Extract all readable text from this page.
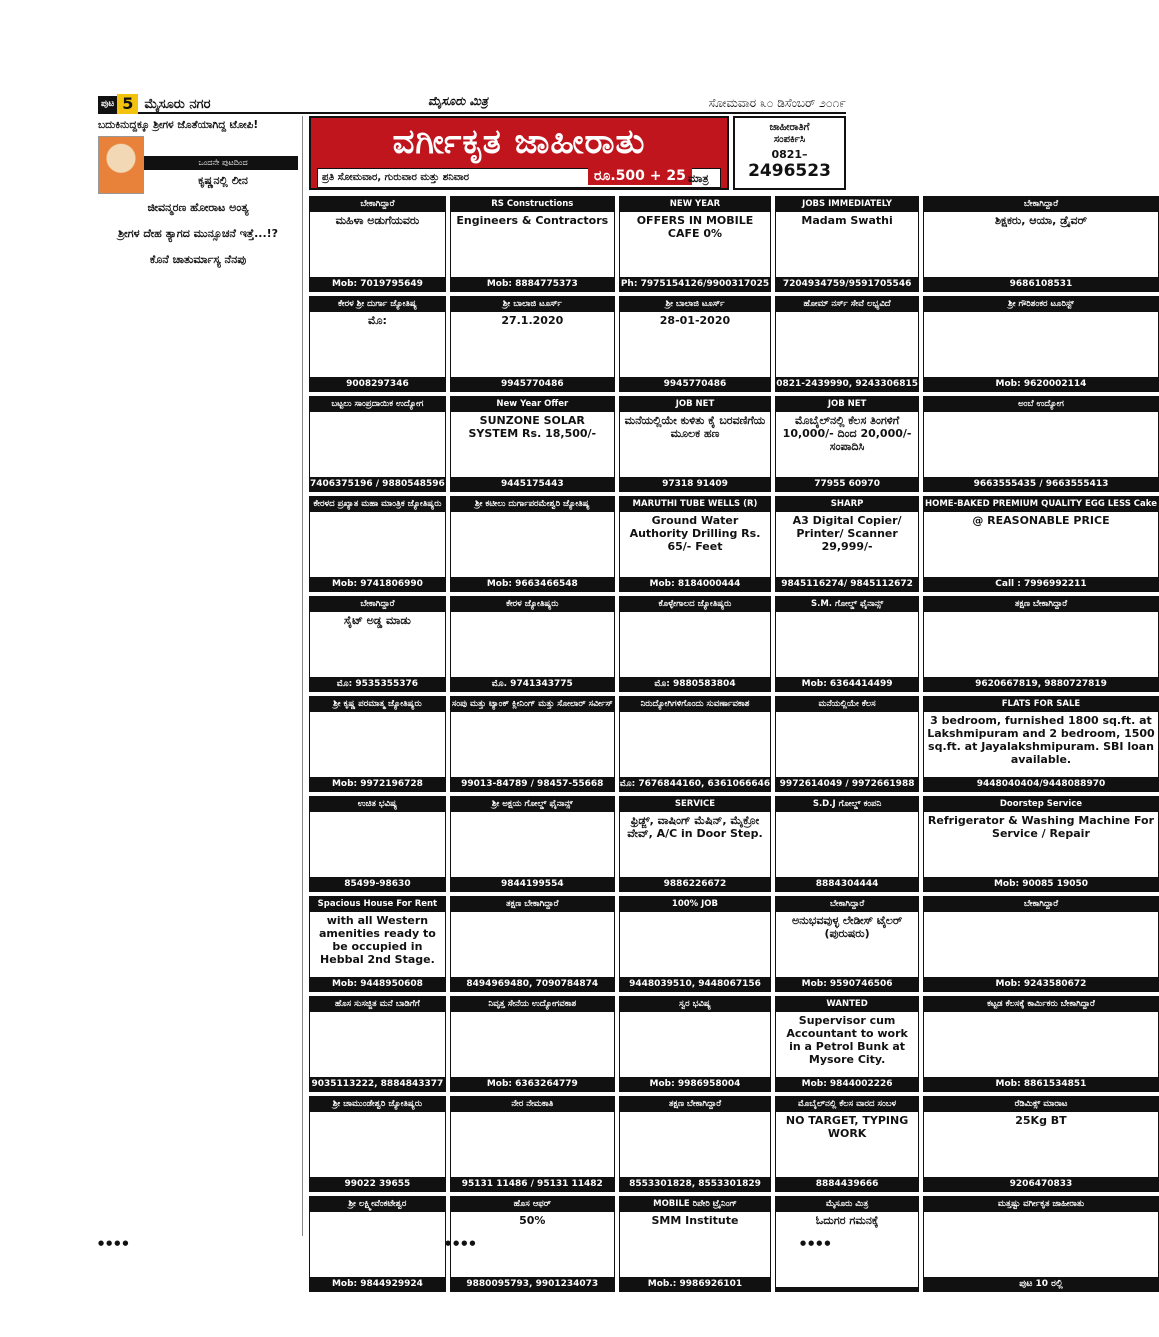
ಪುಟ 5 ಮೈಸೂರು ನಗರ	ಮೈಸೂರು ಮಿತ್ರ	ಸೋಮವಾರ ೩೦ ಡಿಸೆಂಬರ್ ೨೦೧೯
ಬದುಕಿನುದ್ದಕ್ಕೂ ಶ್ರೀಗಳ ಜೊತೆಯಾಗಿದ್ದ ಟೋಪಿ!

ಒಂದನೇ ಪುಟದಿಂದ
ಕೃಷ್ಣನಲ್ಲಿ ಲೀನ

ಜೀವನ್ಮರಣ ಹೋರಾಟ ಅಂತ್ಯ

ಶ್ರೀಗಳ ದೇಹ ತ್ಯಾಗದ ಮುನ್ಸೂಚನೆ ಇತ್ತೆ...!?

ಕೊನೆ ಚಾತುರ್ಮಾಸ್ಯ ನೆನಪು

ವರ್ಗೀಕೃತ ಜಾಹೀರಾತು
ಪ್ರತಿ ಸೋಮವಾರ, ಗುರುವಾರ ಮತ್ತು ಶನಿವಾರ	ರೂ.500 + 25 ಮಾತ್ರ
ಜಾಹೀರಾತಿಗೆ
ಸಂಪರ್ಕಿಸಿ
0821–
2496523
ಬೇಕಾಗಿದ್ದಾರೆ
ಮಹಿಳಾ ಅಡುಗೆಯವರು
Mob: 7019795649
RS Constructions
Engineers & Contractors
Mob: 8884775373
NEW YEAR
OFFERS IN MOBILE CAFE 0%
Ph: 7975154126/9900317025
JOBS IMMEDIATELY
Madam Swathi
7204934759/9591705546
ಬೇಕಾಗಿದ್ದಾರೆ
ಶಿಕ್ಷಕರು, ಆಯಾ, ಡ್ರೈವರ್
9686108531
ಕೇರಳ ಶ್ರೀ ದುರ್ಗಾ ಜ್ಯೋತಿಷ್ಯ
ಮೊ:
9008297346
ಶ್ರೀ ಬಾಲಾಜಿ ಟೂರ್ಸ್
27.1.2020
9945770486
ಶ್ರೀ ಬಾಲಾಜಿ ಟೂರ್ಸ್
28-01-2020
9945770486
ಹೋಮ್ ನರ್ಸ್ ಸೇವೆ ಲಭ್ಯವಿದೆ
0821-2439990, 9243306815
ಶ್ರೀ ಗೌರಿಶಂಕರ ಟೂರಿಸ್ಟ್
Mob: 9620002114
ಬಟ್ಟಲು ಸಾಂಪ್ರದಾಯಿಕ ಉದ್ಯೋಗ
7406375196 / 9880548596
New Year Offer
SUNZONE SOLAR SYSTEM Rs. 18,500/-
9445175443
JOB NET
ಮನೆಯಲ್ಲಿಯೇ ಕುಳಿತು ಕೈ ಬರವಣಿಗೆಯ ಮೂಲಕ ಹಣ
97318 91409
JOB NET
ಮೊಬೈಲ್‌ನಲ್ಲಿ ಕೆಲಸ ತಿಂಗಳಿಗೆ 10,000/- ದಿಂದ 20,000/- ಸಂಪಾದಿಸಿ
77955 60970
ಅಂಬೆ ಉದ್ಯೋಗ
9663555435 / 9663555413
ಕೇರಳದ ಪ್ರಖ್ಯಾತ ಮಹಾ ಮಾಂತ್ರಿಕ ಜ್ಯೋತಿಷ್ಯರು
Mob: 9741806990
ಶ್ರೀ ಕಟೀಲು ದುರ್ಗಾಪರಮೇಶ್ವರಿ ಜ್ಯೋತಿಷ್ಯ
Mob: 9663466548
MARUTHI TUBE WELLS (R)
Ground Water Authority Drilling Rs. 65/- Feet
Mob: 8184000444
SHARP
A3 Digital Copier/ Printer/ Scanner 29,999/-
9845116274/ 9845112672
HOME-BAKED PREMIUM QUALITY EGG LESS Cake
@ REASONABLE PRICE
Call : 7996992211
ಬೇಕಾಗಿದ್ದಾರೆ
ಸೈಟ್ ಅಡ್ಡ ಮಾಡು
ಮೊ: 9535355376
ಕೇರಳ ಜ್ಯೋತಿಷ್ಯರು
ಮೊ. 9741343775
ಕೊಳ್ಳೇಗಾಲದ ಜ್ಯೋತಿಷ್ಯರು
ಮೊ: 9880583804
S.M. ಗೋಲ್ಡ್ ಫೈನಾನ್ಸ್
Mob: 6364414499
ತಕ್ಷಣ ಬೇಕಾಗಿದ್ದಾರೆ
9620667819, 9880727819
ಶ್ರೀ ಕೃಷ್ಣ ಪರಮಾತ್ಮ ಜ್ಯೋತಿಷ್ಯರು
Mob: 9972196728
ಸಂಪು ಮತ್ತು ಟ್ಯಾಂಕ್ ಕ್ಲೀನಿಂಗ್ ಮತ್ತು ಸೋಲಾರ್ ಸರ್ವೀಸ್
99013-84789 / 98457-55668
ನಿರುದ್ಯೋಗಿಗಳಿಗೊಂದು ಸುವರ್ಣಾವಕಾಶ
ಮೊ: 7676844160, 6361066646
ಮನೆಯಲ್ಲಿಯೇ ಕೆಲಸ
9972614049 / 9972661988
FLATS FOR SALE
3 bedroom, furnished 1800 sq.ft. at Lakshmipuram and 2 bedroom, 1500 sq.ft. at Jayalakshmipuram. SBI loan available.
9448040404/9448088970
ಉಚಿತ ಭವಿಷ್ಯ
85499-98630
ಶ್ರೀ ಅಕ್ಷಯ ಗೋಲ್ಡ್ ಫೈನಾನ್ಸ್
9844199554
SERVICE
ಫ್ರಿಡ್ಜ್, ವಾಷಿಂಗ್ ಮೆಷಿನ್, ಮೈಕ್ರೋ ವೇವ್, A/C in Door Step.
9886226672
S.D.J ಗೋಲ್ಡ್ ಕಂಪನಿ
8884304444
Doorstep Service
Refrigerator & Washing Machine For Service / Repair
Mob: 90085 19050
Spacious House For Rent
with all Western amenities ready to be occupied in Hebbal 2nd Stage.
Mob: 9448950608
ತಕ್ಷಣ ಬೇಕಾಗಿದ್ದಾರೆ
8494969480, 7090784874
100% JOB
9448039510, 9448067156
ಬೇಕಾಗಿದ್ದಾರೆ
ಅನುಭವವುಳ್ಳ ಲೇಡೀಸ್ ಟೈಲರ್ (ಪುರುಷರು)
Mob: 9590746506
ಬೇಕಾಗಿದ್ದಾರೆ
Mob: 9243580672
ಹೊಸ ಸುಸಜ್ಜಿತ ಮನೆ ಬಾಡಿಗೆಗೆ
9035113222, 8884843377
ನಿವೃತ್ತ ಸೇನೆಯ ಉದ್ಯೋಗವಕಾಶ
Mob: 6363264779
ಸ್ವರ ಭವಿಷ್ಯ
Mob: 9986958004
WANTED
Supervisor cum Accountant to work in a Petrol Bunk at Mysore City.
Mob: 9844002226
ಕಟ್ಟಡ ಕೆಲಸಕ್ಕೆ ಕಾರ್ಮಿಕರು ಬೇಕಾಗಿದ್ದಾರೆ
Mob: 8861534851
ಶ್ರೀ ಚಾಮುಂಡೇಶ್ವರಿ ಜ್ಯೋತಿಷ್ಯರು
99022 39655
ನೇರ ನೇಮಕಾತಿ
95131 11486 / 95131 11482
ತಕ್ಷಣ ಬೇಕಾಗಿದ್ದಾರೆ
8553301828, 8553301829
ಮೊಬೈಲ್‌ನಲ್ಲಿ ಕೆಲಸ ವಾರದ ಸಂಬಳ
NO TARGET, TYPING WORK
8884439666
ರೆಡಿಮಿಕ್ಸ್ ಮಾರಾಟ
25Kg BT
9206470833
ಶ್ರೀ ಲಕ್ಷ್ಮೀವೆಂಕಟೇಶ್ವರ
Mob: 9844929924
ಹೊಸ ಆಫರ್
50%
9880095793, 9901234073
MOBILE ರಿಪೇರಿ ಟ್ರೈನಿಂಗ್
SMM Institute
Mob.: 9986926101
ಮೈಸೂರು ಮಿತ್ರ
ಓದುಗರ ಗಮನಕ್ಕೆ
ಮತ್ತಷ್ಟು ವರ್ಗೀಕೃತ ಜಾಹೀರಾತು
ಪುಟ 10 ರಲ್ಲಿ
●●●●	●●●●	●●●●
